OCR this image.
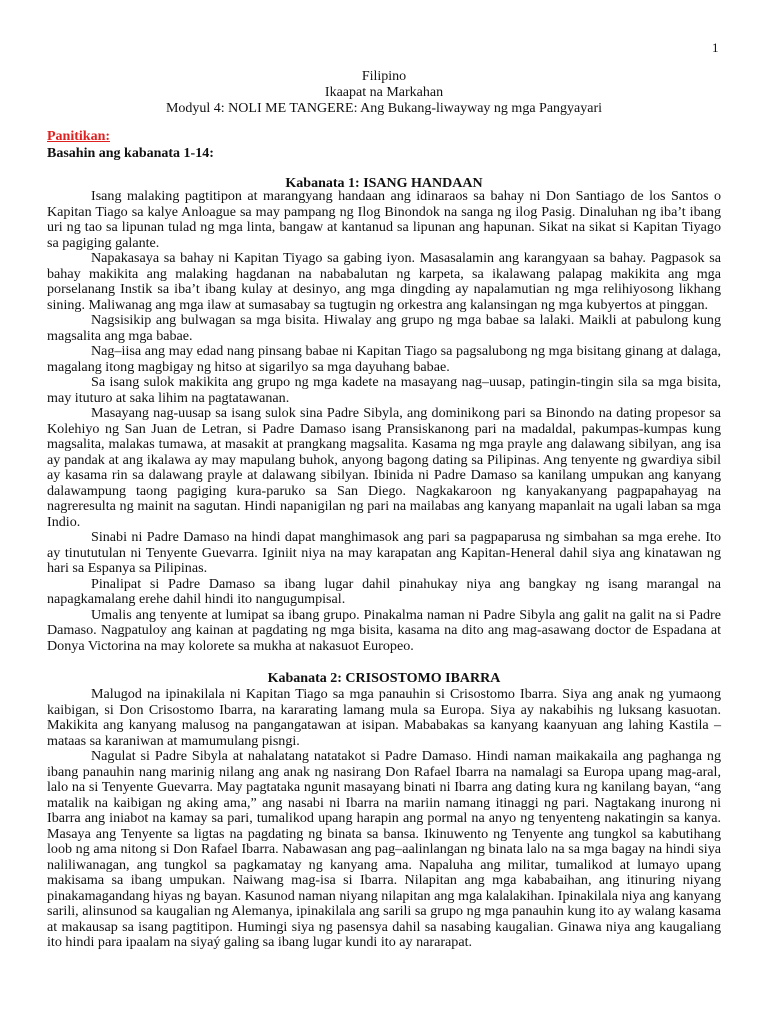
1
Filipino
Ikaapat na Markahan
Modyul 4: NOLI ME TANGERE: Ang Bukang-liwayway ng mga Pangyayari
Panitikan:
Basahin ang kabanata 1-14:
Kabanata 1: ISANG HANDAAN

Isang malaking pagtitipon at marangyang handaan ang idinaraos sa bahay ni Don Santiago de los Santos o Kapitan Tiago sa kalye Anloague sa may pampang ng Ilog Binondok na sanga ng ilog Pasig. Dinaluhan ng iba’t ibang uri ng tao sa lipunan tulad ng mga linta, bangaw at kantanud sa lipunan ang hapunan. Sikat na sikat si Kapitan Tiyago sa pagiging galante.

Napakasaya sa bahay ni Kapitan Tiyago sa gabing iyon. Masasalamin ang karangyaan sa bahay. Pagpasok sa bahay makikita ang malaking hagdanan na nababalutan ng karpeta, sa ikalawang palapag makikita ang mga porselanang Instik sa iba’t ibang kulay at desinyo, ang mga dingding ay napalamutian ng mga relihiyosong likhang sining. Maliwanag ang mga ilaw at sumasabay sa tugtugin ng orkestra ang kalansingan ng mga kubyertos at pinggan.

Nagsisikip ang bulwagan sa mga bisita. Hiwalay ang grupo ng mga babae sa lalaki. Maikli at pabulong kung magsalita ang mga babae.

Nag–iisa ang may edad nang pinsang babae ni Kapitan Tiago sa pagsalubong ng mga bisitang ginang at dalaga, magalang itong magbigay ng hitso at sigarilyo sa mga dayuhang babae.

Sa isang sulok makikita ang grupo ng mga kadete na masayang nag–uusap, patingin-tingin sila sa mga bisita, may ituturo at saka lihim na pagtatawanan.

Masayang nag-uusap sa isang sulok sina Padre Sibyla, ang dominikong pari sa Binondo na dating propesor sa Kolehiyo ng San Juan de Letran, si Padre Damaso isang Pransiskanong pari na madaldal, pakumpas-kumpas kung magsalita, malakas tumawa, at masakit at prangkang magsalita. Kasama ng mga prayle ang dalawang sibilyan, ang isa ay pandak at ang ikalawa ay may mapulang buhok, anyong bagong dating sa Pilipinas. Ang tenyente ng gwardiya sibil ay kasama rin sa dalawang prayle at dalawang sibilyan. Ibinida ni Padre Damaso sa kanilang umpukan ang kanyang dalawampung taong pagiging kura-paruko sa San Diego. Nagkakaroon ng kanyakanyang pagpapahayag na nagreresulta ng mainit na sagutan. Hindi napanigilan ng pari na mailabas ang kanyang mapanlait na ugali laban sa mga Indio.

Sinabi ni Padre Damaso na hindi dapat manghimasok ang pari sa pagpaparusa ng simbahan sa mga erehe. Ito ay tinututulan ni Tenyente Guevarra. Iginiit niya na may karapatan ang Kapitan-Heneral dahil siya ang kinatawan ng hari sa Espanya sa Pilipinas.

Pinalipat si Padre Damaso sa ibang lugar dahil pinahukay niya ang bangkay ng isang marangal na napagkamalang erehe dahil hindi ito nangugumpisal.

Umalis ang tenyente at lumipat sa ibang grupo. Pinakalma naman ni Padre Sibyla ang galit na galit na si Padre Damaso. Nagpatuloy ang kainan at pagdating ng mga bisita, kasama na dito ang mag-asawang doctor de Espadana at Donya Victorina na may kolorete sa mukha at nakasuot Europeo.

Kabanata 2: CRISOSTOMO IBARRA

Malugod na ipinakilala ni Kapitan Tiago sa mga panauhin si Crisostomo Ibarra. Siya ang anak ng yumaong kaibigan, si Don Crisostomo Ibarra, na kararating lamang mula sa Europa. Siya ay nakabihis ng luksang kasuotan. Makikita ang kanyang malusog na pangangatawan at isipan. Mababakas sa kanyang kaanyuan ang lahing Kastila – mataas sa karaniwan at mamumulang pisngi.

Nagulat si Padre Sibyla at nahalatang natatakot si Padre Damaso. Hindi naman maikakaila ang paghanga ng ibang panauhin nang marinig nilang ang anak ng nasirang Don Rafael Ibarra na namalagi sa Europa upang mag-aral, lalo na si Tenyente Guevarra. May pagtataka ngunit masayang binati ni Ibarra ang dating kura ng kanilang bayan, “ang matalik na kaibigan ng aking ama,” ang nasabi ni Ibarra na mariin namang itinaggi ng pari. Nagtakang inurong ni Ibarra ang iniabot na kamay sa pari, tumalikod upang harapin ang pormal na anyo ng tenyenteng nakatingin sa kanya. Masaya ang Tenyente sa ligtas na pagdating ng binata sa bansa. Ikinuwento ng Tenyente ang tungkol sa kabutihang loob ng ama nitong si Don Rafael Ibarra. Nabawasan ang pag–aalinlangan ng binata lalo na sa mga bagay na hindi siya naliliwanagan, ang tungkol sa pagkamatay ng kanyang ama. Napaluha ang militar, tumalikod at lumayo upang makisama sa ibang umpukan. Naiwang mag-isa si Ibarra. Nilapitan ang mga kababaihan, ang itinuring niyang pinakamagandang hiyas ng bayan. Kasunod naman niyang nilapitan ang mga kalalakihan. Ipinakilala niya ang kanyang sarili, alinsunod sa kaugalian ng Alemanya, ipinakilala ang sarili sa grupo ng mga panauhin kung ito ay walang kasama at makausap sa isang pagtitipon. Humingi siya ng pasensya dahil sa nasabing kaugalian. Ginawa niya ang kaugaliang ito hindi para ipaalam na siyaý galing sa ibang lugar kundi ito ay nararapat.
